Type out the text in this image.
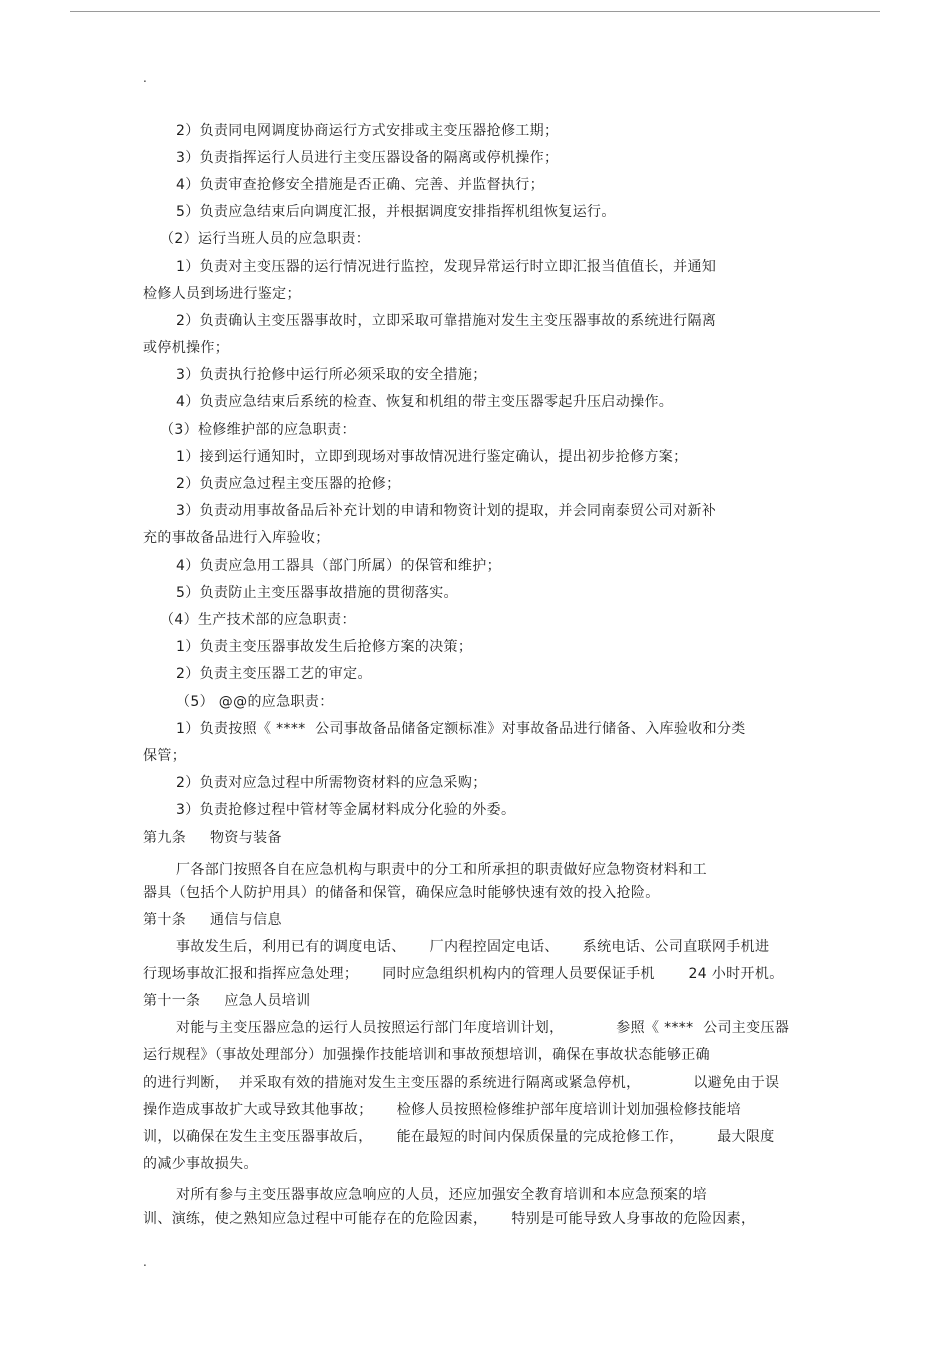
.
2）负责同电网调度协商运行方式安排或主变压器抢修工期；
3）负责指挥运行人员进行主变压器设备的隔离或停机操作；
4）负责审查抢修安全措施是否正确、完善、并监督执行；
5）负责应急结束后向调度汇报，并根据调度安排指挥机组恢复运行。
（2）运行当班人员的应急职责：
1）负责对主变压器的运行情况进行监控，发现异常运行时立即汇报当值值长，并通知
检修人员到场进行鉴定；
2）负责确认主变压器事故时，立即采取可靠措施对发生主变压器事故的系统进行隔离
或停机操作；
3）负责执行抢修中运行所必须采取的安全措施；
4）负责应急结束后系统的检查、恢复和机组的带主变压器零起升压启动操作。
（3）检修维护部的应急职责：
1）接到运行通知时，立即到现场对事故情况进行鉴定确认，提出初步抢修方案；
2）负责应急过程主变压器的抢修；
3）负责动用事故备品后补充计划的申请和物资计划的提取，并会同南泰贸公司对新补
充的事故备品进行入库验收；
4）负责应急用工器具（部门所属）的保管和维护；
5）负责防止主变压器事故措施的贯彻落实。
（4）生产技术部的应急职责：
1）负责主变压器事故发生后抢修方案的决策；
2）负责主变压器工艺的审定。
（5） @@的应急职责：
1）负责按照《 ****  公司事故备品储备定额标准》对事故备品进行储备、入库验收和分类
保管；
2）负责对应急过程中所需物资材料的应急采购；
3）负责抢修过程中管材等金属材料成分化验的外委。
第九条     物资与装备
厂各部门按照各自在应急机构与职责中的分工和所承担的职责做好应急物资材料和工
器具（包括个人防护用具）的储备和保管，确保应急时能够快速有效的投入抢险。
第十条     通信与信息
事故发生后，利用已有的调度电话、     厂内程控固定电话、     系统电话、公司直联网手机进
行现场事故汇报和指挥应急处理；     同时应急组织机构内的管理人员要保证手机       24 小时开机。
第十一条     应急人员培训
对能与主变压器应急的运行人员按照运行部门年度培训计划，           参照《 ****  公司主变压器
运行规程》（事故处理部分）加强操作技能培训和事故预想培训，确保在事故状态能够正确
的进行判断，  并采取有效的措施对发生主变压器的系统进行隔离或紧急停机，           以避免由于误
操作造成事故扩大或导致其他事故；     检修人员按照检修维护部年度培训计划加强检修技能培
训，以确保在发生主变压器事故后，     能在最短的时间内保质保量的完成抢修工作，       最大限度
的减少事故损失。
对所有参与主变压器事故应急响应的人员，还应加强安全教育培训和本应急预案的培
训、演练，使之熟知应急过程中可能存在的危险因素，     特别是可能导致人身事故的危险因素，
.
